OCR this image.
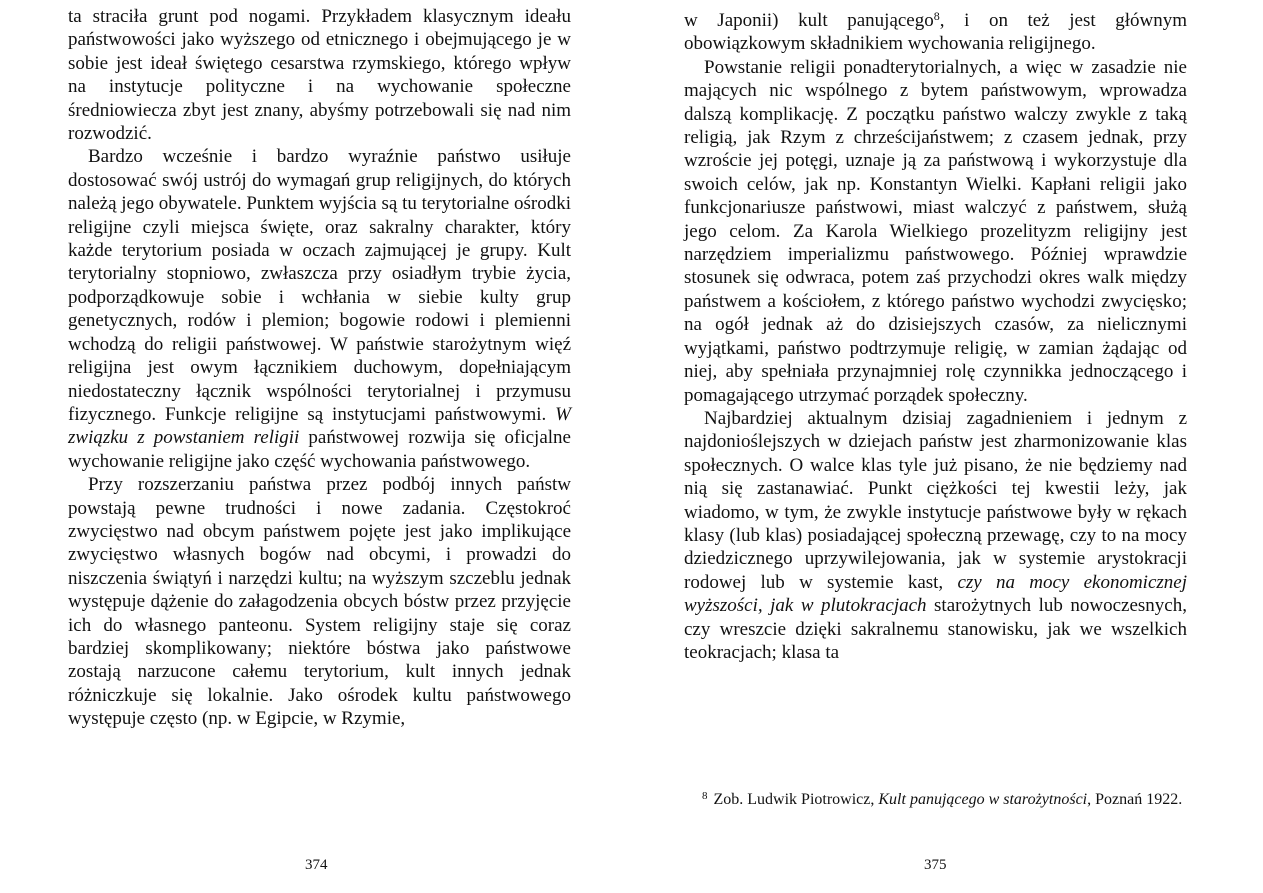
ta straciła grunt pod nogami. Przykładem klasycznym ideału państwowości jako wyższego od etnicznego i obejmującego je w sobie jest ideał świętego cesarstwa rzymskiego, którego wpływ na instytucje polityczne i na wychowanie społeczne średniowiecza zbyt jest znany, abyśmy potrzebowali się nad nim rozwodzić.

Bardzo wcześnie i bardzo wyraźnie państwo usiłuje dostosować swój ustrój do wymagań grup religijnych, do których należą jego obywatele. Punktem wyjścia są tu terytorialne ośrodki religijne czyli miejsca święte, oraz sakralny charakter, który każde terytorium posiada w oczach zajmującej je grupy. Kult terytorialny stopniowo, zwłaszcza przy osiadłym trybie życia, podporządkowuje sobie i wchłania w siebie kulty grup genetycznych, rodów i plemion; bogowie rodowi i plemienni wchodzą do religii państwowej. W państwie starożytnym więź religijna jest owym łącznikiem duchowym, dopełniającym niedostateczny łącznik wspólności terytorialnej i przymusu fizycznego. Funkcje religijne są instytucjami państwowymi. W związku z powstaniem religii państwowej rozwija się oficjalne wychowanie religijne jako część wychowania państwowego.

Przy rozszerzaniu państwa przez podbój innych państw powstają pewne trudności i nowe zadania. Częstokroć zwycięstwo nad obcym państwem pojęte jest jako implikujące zwycięstwo własnych bogów nad obcymi, i prowadzi do niszczenia świątyń i narzędzi kultu; na wyższym szczeblu jednak występuje dążenie do załagodzenia obcych bóstw przez przyjęcie ich do własnego panteonu. System religijny staje się coraz bardziej skomplikowany; niektóre bóstwa jako państwowe zostają narzucone całemu terytorium, kult innych jednak różniczkuje się lokalnie. Jako ośrodek kultu państwowego występuje często (np. w Egipcie, w Rzymie,

374

w Japonii) kult panującego$^8$, i on też jest głównym obowiązkowym składnikiem wychowania religijnego.

Powstanie religii ponadterytorialnych, a więc w zasadzie nie mających nic wspólnego z bytem państwowym, wprowadza dalszą komplikację. Z początku państwo walczy zwykle z taką religią, jak Rzym z chrześcijaństwem; z czasem jednak, przy wzroście jej potęgi, uznaje ją za państwową i wykorzystuje dla swoich celów, jak np. Konstantyn Wielki. Kapłani religii jako funkcjonariusze państwowi, miast walczyć z państwem, służą jego celom. Za Karola Wielkiego prozelityzm religijny jest narzędziem imperializmu państwowego. Później wprawdzie stosunek się odwraca, potem zaś przychodzi okres walk między państwem a kościołem, z którego państwo wychodzi zwycięsko; na ogół jednak aż do dzisiejszych czasów, za nielicznymi wyjątkami, państwo podtrzymuje religię, w zamian żądając od niej, aby spełniała przynajmniej rolę czynnikka jednoczącego i pomagającego utrzymać porządek społeczny.

Najbardziej aktualnym dzisiaj zagadnieniem i jednym z najdonioślejszych w dziejach państw jest zharmonizowanie klas społecznych. O walce klas tyle już pisano, że nie będziemy nad nią się zastanawiać. Punkt ciężkości tej kwestii leży, jak wiadomo, w tym, że zwykle instytucje państwowe były w rękach klasy (lub klas) posiadającej społeczną przewagę, czy to na mocy dziedzicznego uprzywilejowania, jak w systemie arystokracji rodowej lub w systemie kast, czy na mocy ekonomicznej wyższości, jak w plutokracjach starożytnych lub nowoczesnych, czy wreszcie dzięki sakralnemu stanowisku, jak we wszelkich teokracjach; klasa ta

$^8$ Zob. Ludwik Piotrowicz, Kult panującego w starożytności, Poznań 1922.
375
